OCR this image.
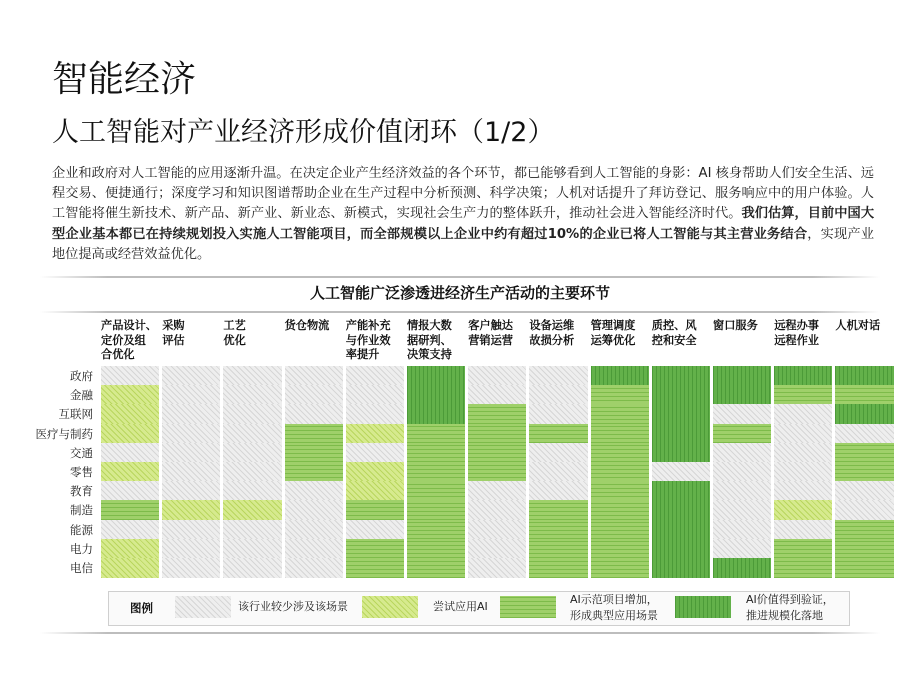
智能经济
人工智能对产业经济形成价值闭环（1/2）
企业和政府对人工智能的应用逐渐升温。在决定企业产生经济效益的各个环节，都已能够看到人工智能的身影：AI 核身帮助人们安全生活、远程交易、便捷通行；深度学习和知识图谱帮助企业在生产过程中分析预测、科学决策；人机对话提升了拜访登记、服务响应中的用户体验。人工智能将催生新技术、新产品、新产业、新业态、新模式，实现社会生产力的整体跃升，推动社会进入智能经济时代。我们估算，目前中国大型企业基本都已在持续规划投入实施人工智能项目，而全部规模以上企业中约有超过10%的企业已将人工智能与其主营业务结合，实现产业地位提高或经营效益优化。
人工智能广泛渗透进经济生产活动的主要环节
产品设计、
定价及组
合优化
采购
评估
工艺
优化
货仓物流 产能补充
与作业效
率提升
情报大数
据研判、
决策支持
客户触达
营销运营
设备运维
故损分析
管理调度
运筹优化
质控、风
控和安全
窗口服务 远程办事
远程作业
人机对话
政府
金融
互联网
医疗与制药
交通
零售
教育
制造
能源
电力
电信
图例	该行业较少涉及该场景	尝试应用AI
AI示范项目增加，
形成典型应用场景
AI价值得到验证，
推进规模化落地
